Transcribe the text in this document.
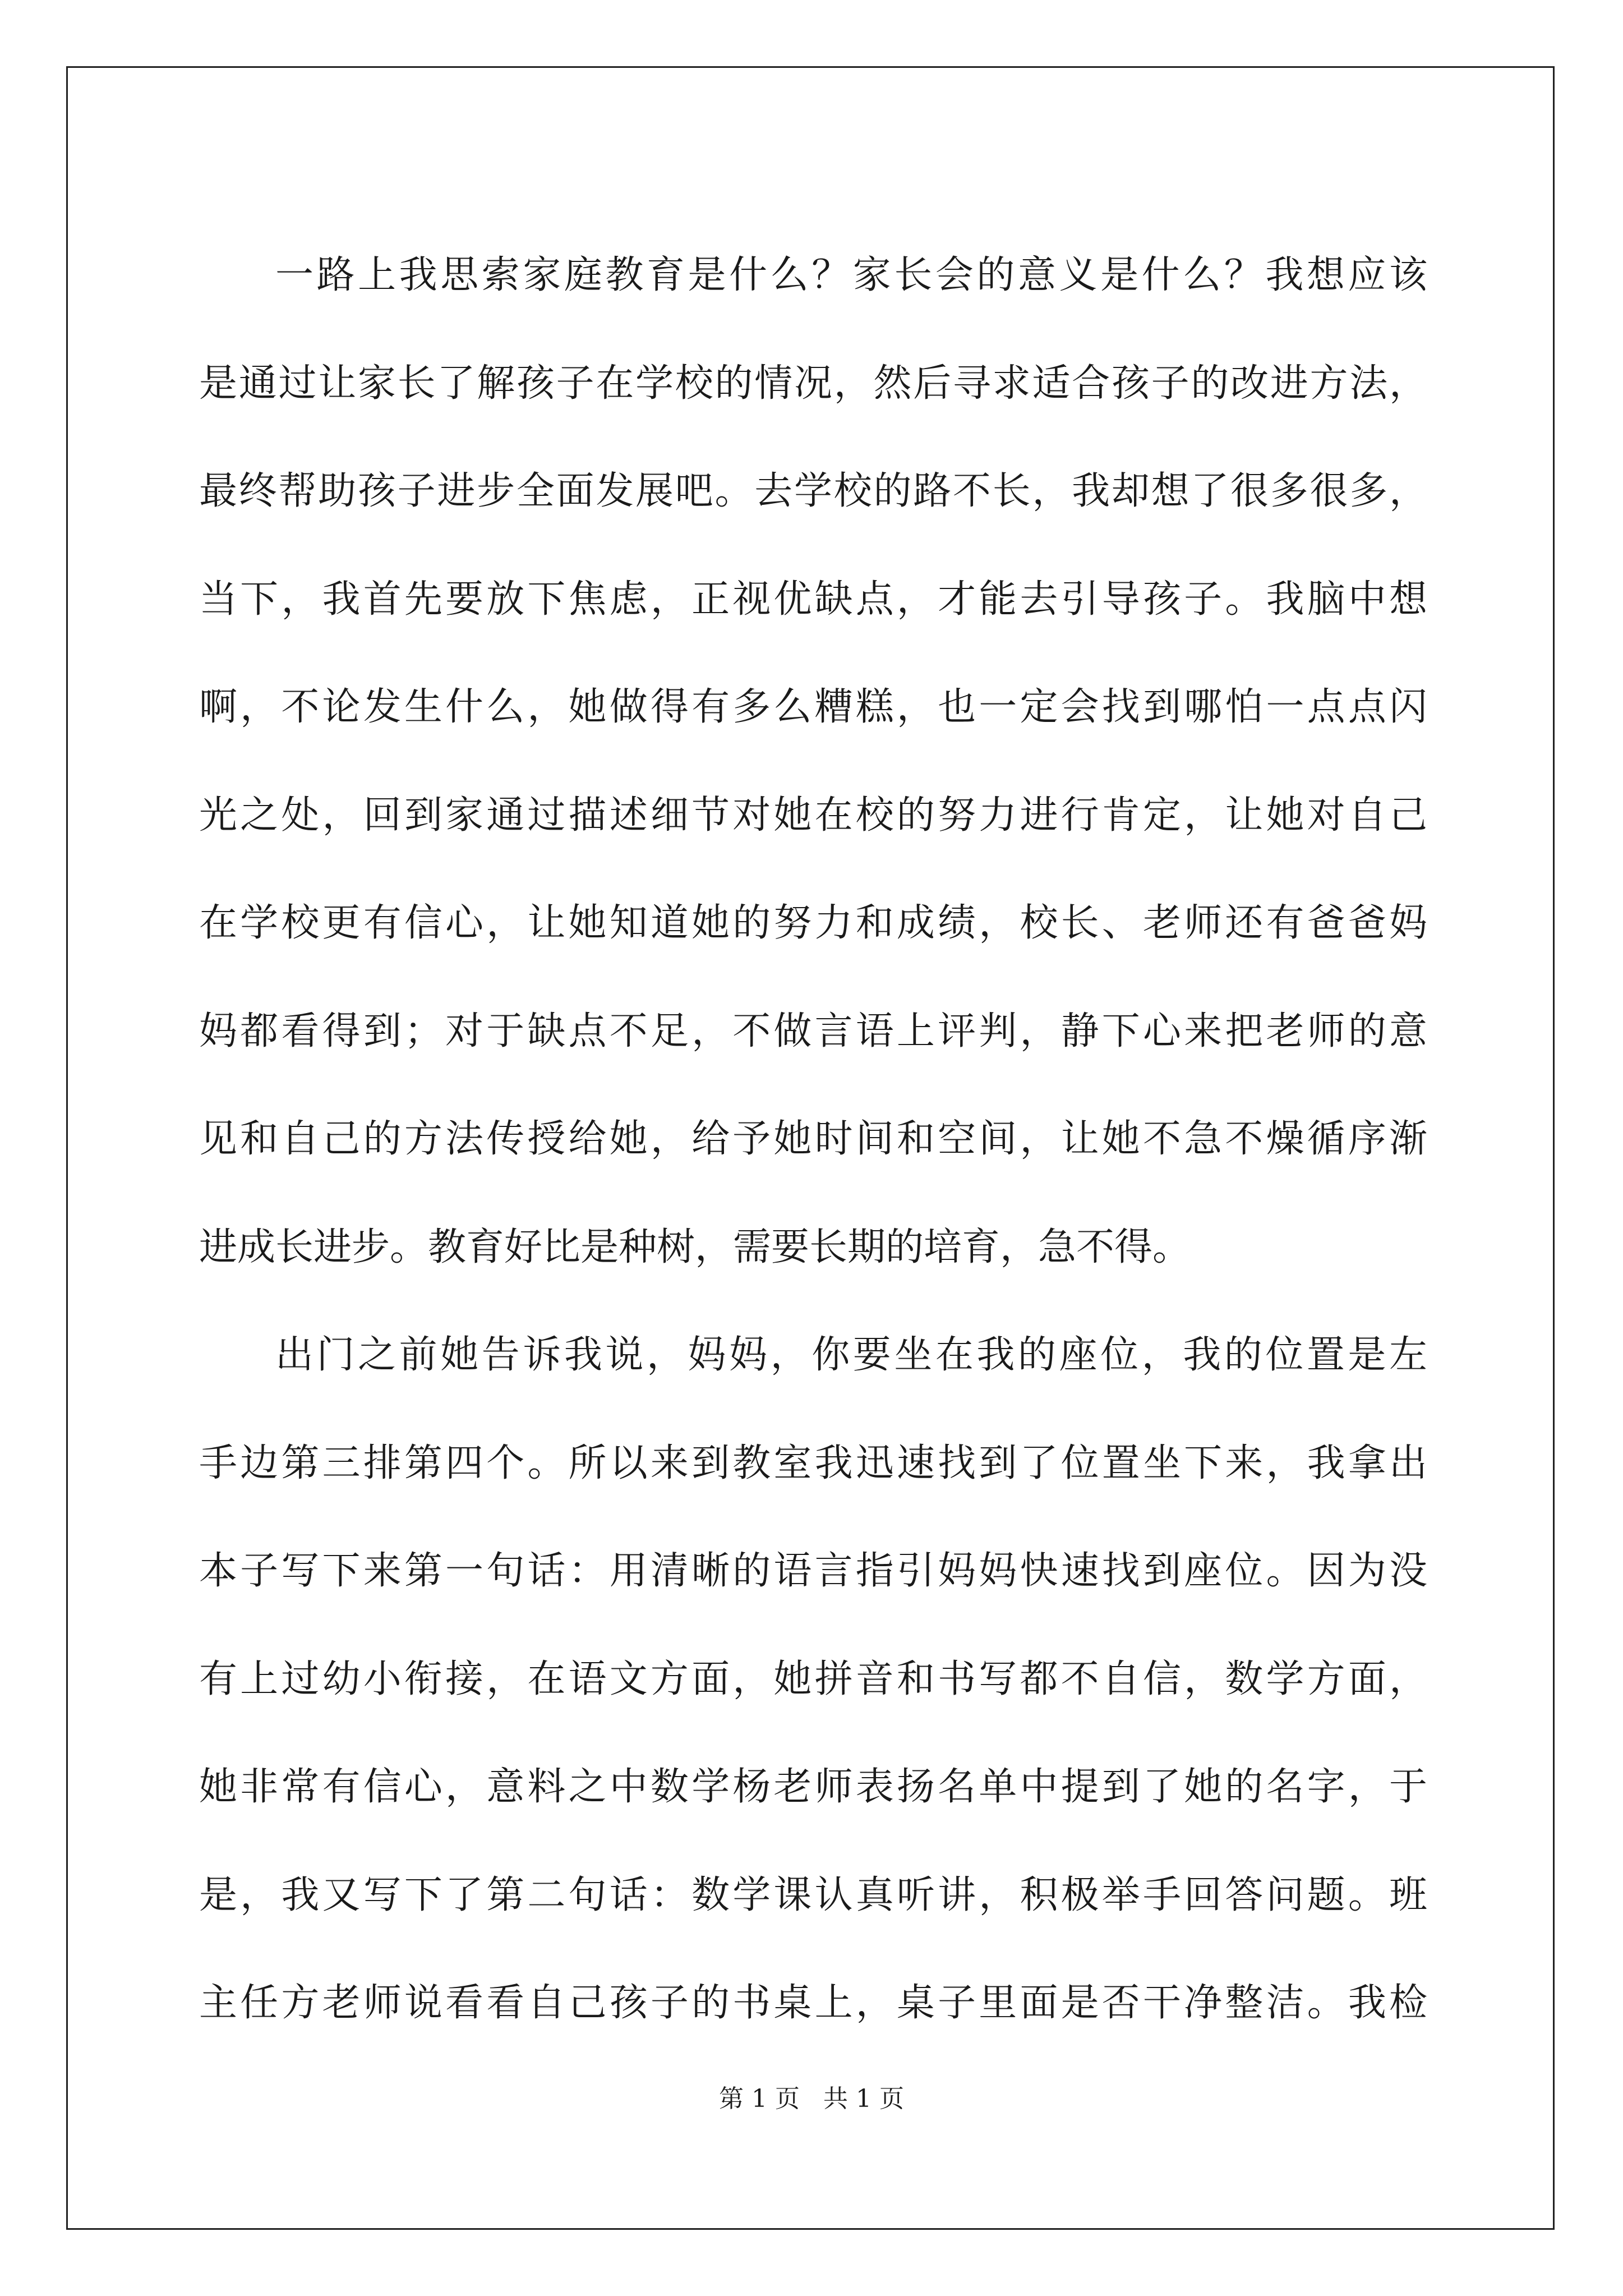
一路上我思索家庭教育是什么？家长会的意义是什么？我想应该
是通过让家长了解孩子在学校的情况，然后寻求适合孩子的改进方法，
最终帮助孩子进步全面发展吧。去学校的路不长，我却想了很多很多，
当下，我首先要放下焦虑，正视优缺点，才能去引导孩子。我脑中想
啊，不论发生什么，她做得有多么糟糕，也一定会找到哪怕一点点闪
光之处，回到家通过描述细节对她在校的努力进行肯定，让她对自己
在学校更有信心，让她知道她的努力和成绩，校长、老师还有爸爸妈
妈都看得到；对于缺点不足，不做言语上评判，静下心来把老师的意
见和自己的方法传授给她，给予她时间和空间，让她不急不燥循序渐
进成长进步。教育好比是种树，需要长期的培育，急不得。
出门之前她告诉我说，妈妈，你要坐在我的座位，我的位置是左
手边第三排第四个。所以来到教室我迅速找到了位置坐下来，我拿出
本子写下来第一句话：用清晰的语言指引妈妈快速找到座位。因为没
有上过幼小衔接，在语文方面，她拼音和书写都不自信，数学方面，
她非常有信心，意料之中数学杨老师表扬名单中提到了她的名字，于
是，我又写下了第二句话：数学课认真听讲，积极举手回答问题。班
主任方老师说看看自己孩子的书桌上，桌子里面是否干净整洁。我检
第 1 页   共 1 页
